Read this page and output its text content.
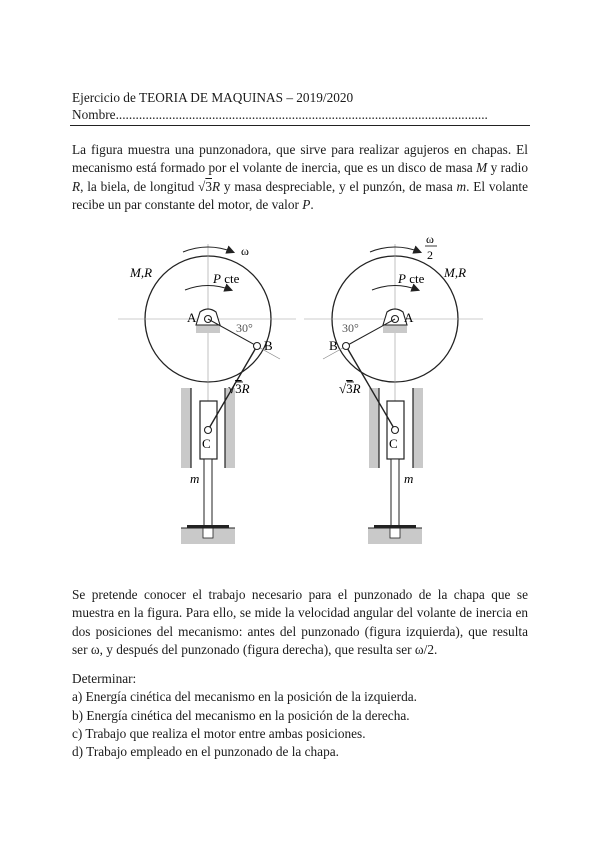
Ejercicio de TEORIA DE MAQUINAS – 2019/2020
Nombre................................................................................................................
La figura muestra una punzonadora, que sirve para realizar agujeros en chapas. El mecanismo está formado por el volante de inercia, que es un disco de masa M y radio R, la biela, de longitud √3R y masa despreciable, y el punzón, de masa m. El volante recibe un par constante del motor, de valor P.
ω
P cte
M,R
30°
A
B
C
√3R
m
ω
2
P cte M,R
30°
A
B
C
√3R
m
Se pretende conocer el trabajo necesario para el punzonado de la chapa que se muestra en la figura. Para ello, se mide la velocidad angular del volante de inercia en dos posiciones del mecanismo: antes del punzonado (figura izquierda), que resulta ser ω, y después del punzonado (figura derecha), que resulta ser ω/2.
Determinar:
a) Energía cinética del mecanismo en la posición de la izquierda.
b) Energía cinética del mecanismo en la posición de la derecha.
c) Trabajo que realiza el motor entre ambas posiciones.
d) Trabajo empleado en el punzonado de la chapa.
